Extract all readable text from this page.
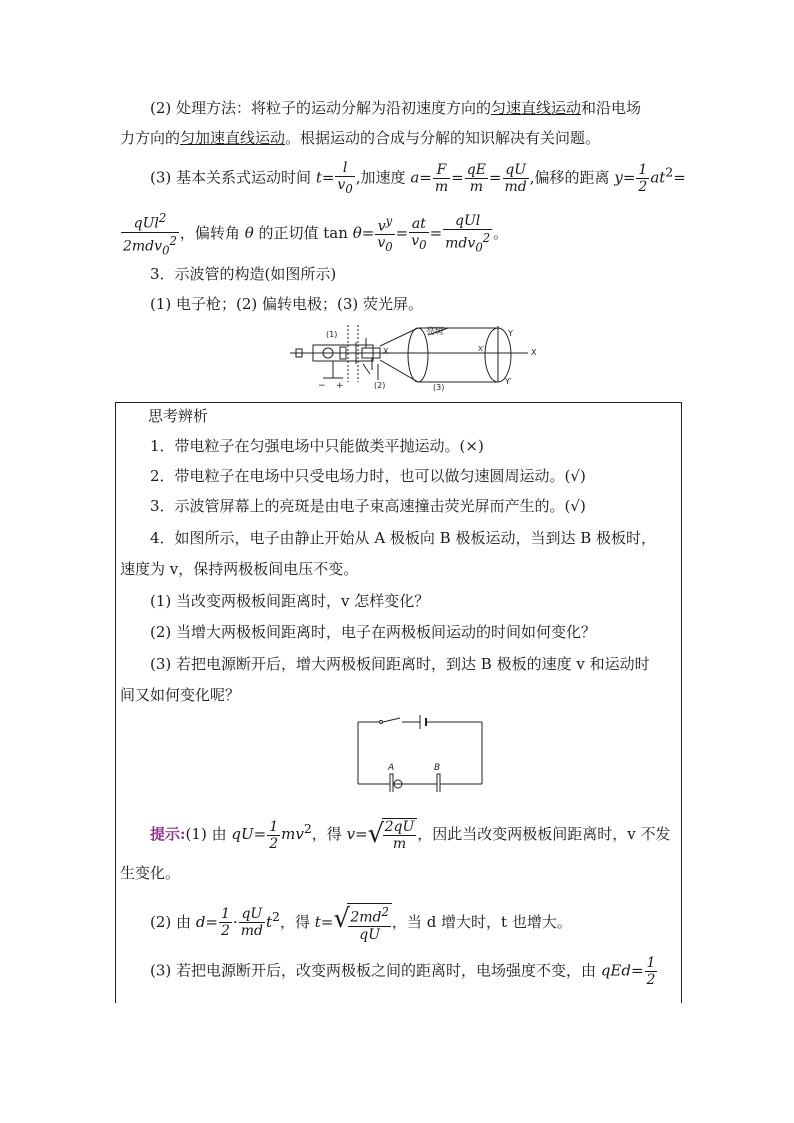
(2) 处理方法：将粒子的运动分解为沿初速度方向的匀速直线运动和沿电场
力方向的匀加速直线运动。根据运动的合成与分解的知识解决有关问题。
(3) 基本关系式运动时间 $t= \frac{l}{v_0}$ ,加速度 $a= \frac{F}{m} = \frac{qE}{m} = \frac{qU}{md}$ ,偏移的距离 $y= \frac{1}{2} at^2=$
$\frac{qUl^2}{2mdv_0^2}$ ，偏转角 θ 的正切值 $\tan \theta= \frac{v^y}{v_0} = \frac{at}{v_0} = \frac{\text{qUl}}{mdv_0^2}$ 。
3．示波管的构造(如图所示)
(1) 电子枪；(2) 偏转电极；(3) 荧光屏。
(1)
(2)	(3)
亮斑	Y
Y′
X
X′
X
− +
思考辨析
1．带电粒子在匀强电场中只能做类平抛运动。(×)
2．带电粒子在电场中只受电场力时，也可以做匀速圆周运动。(√)
3．示波管屏幕上的亮斑是由电子束高速撞击荧光屏而产生的。(√)
4．如图所示，电子由静止开始从 A 极板向 B 极板运动，当到达 B 极板时，
速度为 v，保持两极板间电压不变。
(1) 当改变两极板间距离时，v 怎样变化？
(2) 当增大两极板间距离时，电子在两极板间运动的时间如何变化？
(3) 若把电源断开后，增大两极板间距离时，到达 B 极板的速度 v 和运动时
间又如何变化呢？
A	B
提示:(1) 由 $qU= \frac{1}{2} mv^2$，得 v= √
$\frac{2qU}{m}$ ，因此当改变两极板间距离时，v 不发
生变化。
(2) 由 $d= \frac{1}{2} \cdot \frac{qU}{md} t^2$，得 t= √
$\frac{2md^2}{qU}$ ，当 d 增大时，t 也增大。
(3) 若把电源断开后，改变两极板之间的距离时，电场强度不变，由 $qEd= \frac{1}{2}$
